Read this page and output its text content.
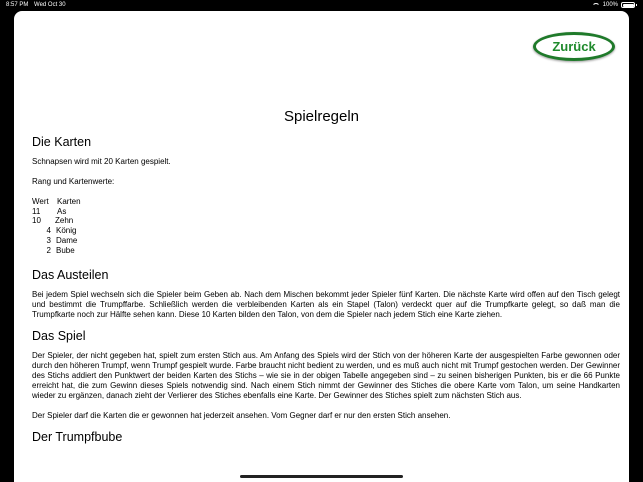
8:57 PM Wed Oct 30	100%
Zurück
Spielregeln
Die Karten

Schnapsen wird mit 20 Karten gespielt.

Rang und Kartenwerte:

Wert	Karten
11	As
10	Zehn
4 König
3 Dame
2 Bube
Das Austeilen

Bei jedem Spiel wechseln sich die Spieler beim Geben ab. Nach dem Mischen bekommt jeder Spieler fünf Karten. Die nächste Karte wird offen auf den Tisch gelegt und bestimmt die Trumpffarbe. Schließlich werden die verbleibenden Karten als ein Stapel (Talon) verdeckt quer auf die Trumpfkarte gelegt, so daß man die Trumpfkarte noch zur Hälfte sehen kann. Diese 10 Karten bilden den Talon, von dem die Spieler nach jedem Stich eine Karte ziehen.

Das Spiel

Der Spieler, der nicht gegeben hat, spielt zum ersten Stich aus. Am Anfang des Spiels wird der Stich von der höheren Karte der ausgespielten Farbe gewonnen oder durch den höheren Trumpf, wenn Trumpf gespielt wurde. Farbe braucht nicht bedient zu werden, und es muß auch nicht mit Trumpf gestochen werden. Der Gewinner des Stichs addiert den Punktwert der beiden Karten des Stichs – wie sie in der obigen Tabelle angegeben sind – zu seinen bisherigen Punkten, bis er die 66 Punkte erreicht hat, die zum Gewinn dieses Spiels notwendig sind. Nach einem Stich nimmt der Gewinner des Stiches die obere Karte vom Talon, um seine Handkarten wieder zu ergänzen, danach zieht der Verlierer des Stiches ebenfalls eine Karte. Der Gewinner des Stiches spielt zum nächsten Stich aus.

Der Spieler darf die Karten die er gewonnen hat jederzeit ansehen. Vom Gegner darf er nur den ersten Stich ansehen.

Der Trumpfbube
